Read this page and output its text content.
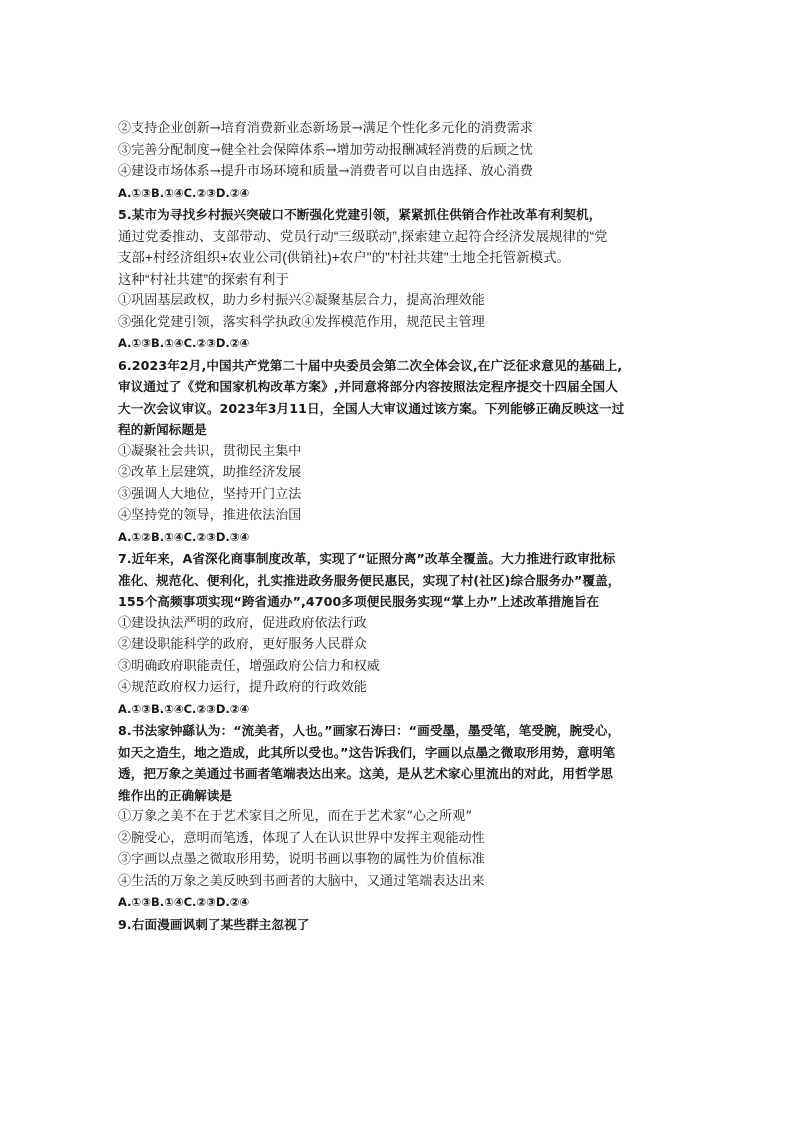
②支持企业创新→培育消费新业态新场景→满足个性化多元化的消费需求
③完善分配制度→健全社会保障体系→增加劳动报酬减轻消费的后顾之忧
④建设市场体系→提升市场环境和质量→消费者可以自由选择、放心消费
A.①③B.①④C.②③D.②④
5.某市为寻找乡村振兴突破口不断强化党建引领，紧紧抓住供销合作社改革有利契机，
通过党委推动、支部带动、党员行动“三级联动”,探索建立起符合经济发展规律的“党
支部+村经济组织+农业公司(供销社)+农户"的"村社共建"土地全托管新模式。
这种“村社共建”的探索有利于
①巩固基层政权，助力乡村振兴②凝聚基层合力，提高治理效能
③强化党建引领，落实科学执政④发挥模范作用，规范民主管理
A.①③B.①④C.②③D.②④
6.2023年2月,中国共产党第二十届中央委员会第二次全体会议,在广泛征求意见的基础上,
审议通过了《党和国家机构改革方案》,并同意将部分内容按照法定程序提交十四届全国人
大一次会议审议。2023年3月11日，全国人大审议通过该方案。下列能够正确反映这一过
程的新闻标题是
①凝聚社会共识，贯彻民主集中
②改革上层建筑，助推经济发展
③强调人大地位，坚持开门立法
④坚持党的领导，推进依法治国
A.①②B.①④C.②③D.③④
7.近年来，A省深化商事制度改革，实现了“证照分离”改革全覆盖。大力推进行政审批标
准化、规范化、便利化，扎实推进政务服务便民惠民，实现了村(社区)综合服务办”覆盖，
155个高频事项实现“跨省通办”,4700多项便民服务实现“掌上办”上述改革措施旨在
①建设执法严明的政府，促进政府依法行政
②建设职能科学的政府，更好服务人民群众
③明确政府职能责任，增强政府公信力和权威
④规范政府权力运行，提升政府的行政效能
A.①③B.①④C.②③D.②④
8.书法家钟繇认为：“流美者，人也。”画家石涛曰：“画受墨，墨受笔，笔受腕，腕受心，
如天之造生，地之造成，此其所以受也。”这告诉我们，字画以点墨之微取形用势，意明笔
透，把万象之美通过书画者笔端表达出来。这美，是从艺术家心里流出的对此，用哲学思
维作出的正确解读是
①万象之美不在于艺术家目之所见，而在于艺术家“心之所观”
②腕受心，意明而笔透，体现了人在认识世界中发挥主观能动性
③字画以点墨之微取形用势，说明书画以事物的属性为价值标准
④生活的万象之美反映到书画者的大脑中，又通过笔端表达出来
A.①③B.①④C.②③D.②④
9.右面漫画讽刺了某些群主忽视了
